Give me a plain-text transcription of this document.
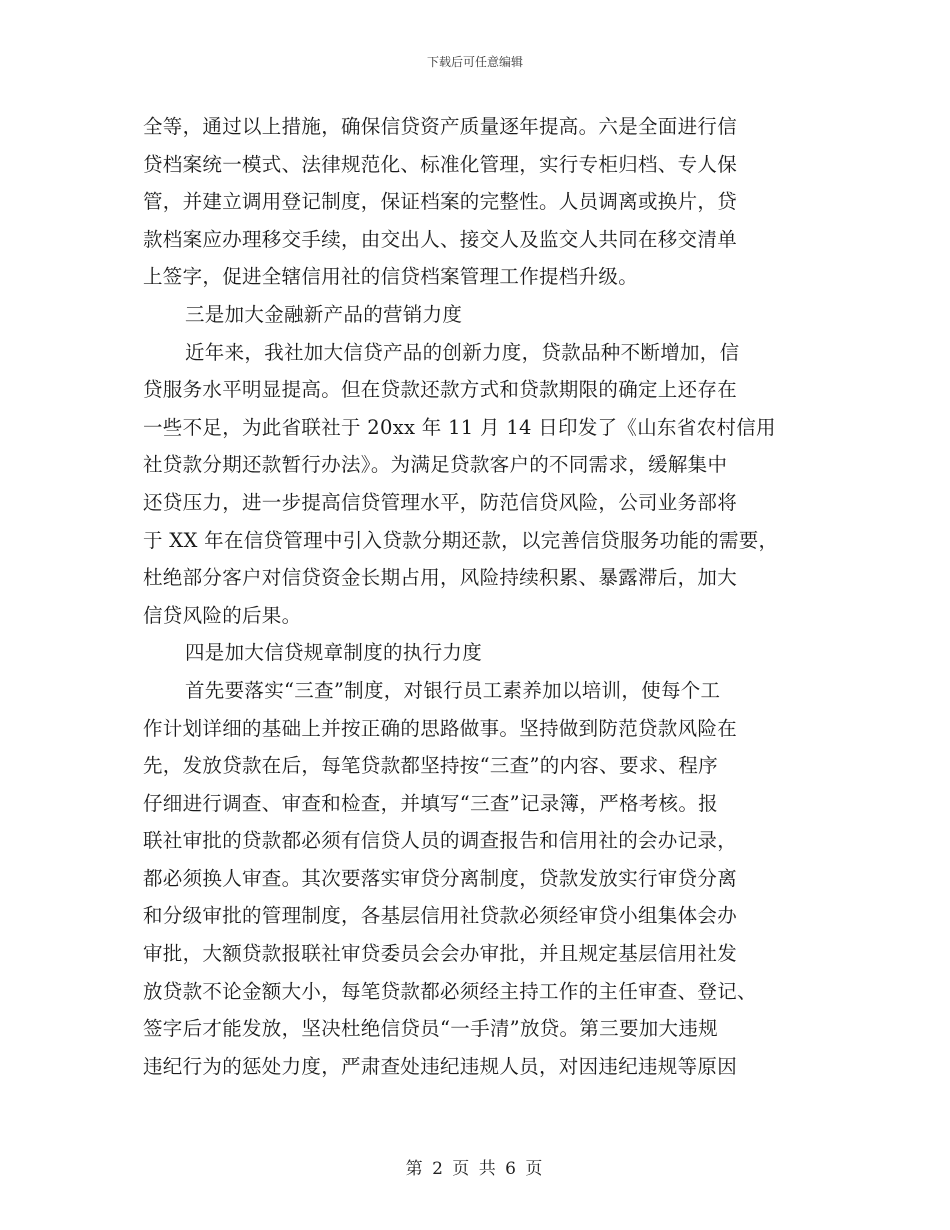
下载后可任意编辑
全等，通过以上措施，确保信贷资产质量逐年提高。六是全面进行信
贷档案统一模式、法律规范化、标准化管理，实行专柜归档、专人保
管，并建立调用登记制度，保证档案的完整性。人员调离或换片，贷
款档案应办理移交手续，由交出人、接交人及监交人共同在移交清单
上签字，促进全辖信用社的信贷档案管理工作提档升级。
三是加大金融新产品的营销力度
近年来，我社加大信贷产品的创新力度，贷款品种不断增加，信
贷服务水平明显提高。但在贷款还款方式和贷款期限的确定上还存在
一些不足，为此省联社于 20xx 年 11 月 14 日印发了《山东省农村信用
社贷款分期还款暂行办法》。为满足贷款客户的不同需求，缓解集中
还贷压力，进一步提高信贷管理水平，防范信贷风险，公司业务部将
于 XX 年在信贷管理中引入贷款分期还款，以完善信贷服务功能的需要，
杜绝部分客户对信贷资金长期占用，风险持续积累、暴露滞后，加大
信贷风险的后果。
四是加大信贷规章制度的执行力度
首先要落实“三查”制度，对银行员工素养加以培训，使每个工
作计划详细的基础上并按正确的思路做事。坚持做到防范贷款风险在
先，发放贷款在后，每笔贷款都坚持按“三查”的内容、要求、程序
仔细进行调查、审查和检查，并填写“三查”记录簿，严格考核。报
联社审批的贷款都必须有信贷人员的调查报告和信用社的会办记录，
都必须换人审查。其次要落实审贷分离制度，贷款发放实行审贷分离
和分级审批的管理制度，各基层信用社贷款必须经审贷小组集体会办
审批，大额贷款报联社审贷委员会会办审批，并且规定基层信用社发
放贷款不论金额大小，每笔贷款都必须经主持工作的主任审查、登记、
签字后才能发放，坚决杜绝信贷员“一手清”放贷。第三要加大违规
违纪行为的惩处力度，严肃查处违纪违规人员，对因违纪违规等原因
第 2 页 共 6 页
